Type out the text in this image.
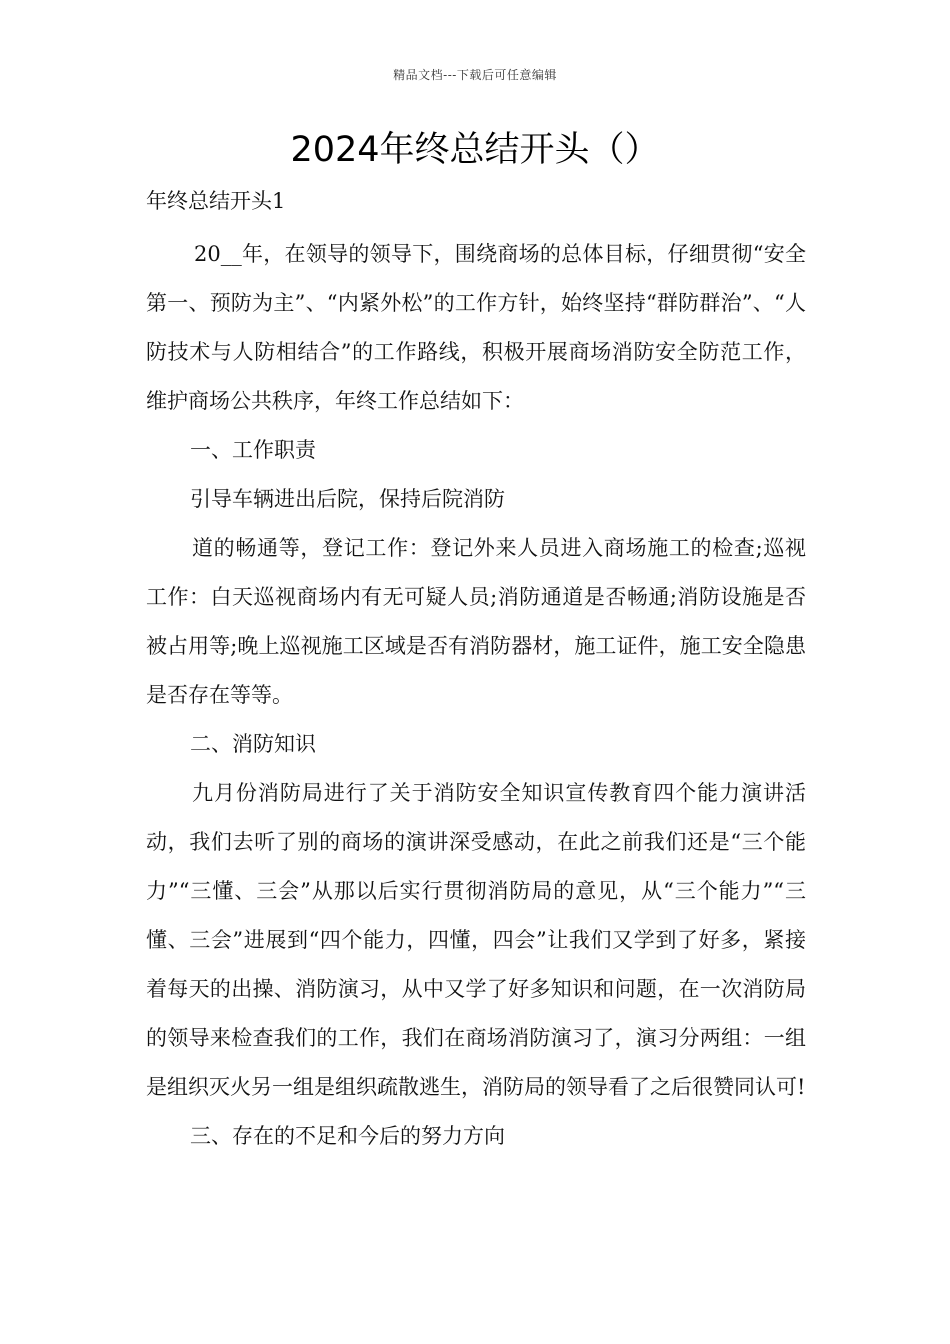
精品文档---下载后可任意编辑
2024年终总结开头（）

年终总结开头1

20__年，在领导的领导下，围绕商场的总体目标，仔细贯彻“安全第一、预防为主”、“内紧外松”的工作方针，始终坚持“群防群治”、“人防技术与人防相结合”的工作路线，积极开展商场消防安全防范工作，维护商场公共秩序，年终工作总结如下：

一、工作职责

引导车辆进出后院，保持后院消防

道的畅通等，登记工作：登记外来人员进入商场施工的检查;巡视工作：白天巡视商场内有无可疑人员;消防通道是否畅通;消防设施是否被占用等;晚上巡视施工区域是否有消防器材，施工证件，施工安全隐患是否存在等等。

二、消防知识

九月份消防局进行了关于消防安全知识宣传教育四个能力演讲活动，我们去听了别的商场的演讲深受感动，在此之前我们还是“三个能力”“三懂、三会”从那以后实行贯彻消防局的意见，从“三个能力”“三懂、三会”进展到“四个能力，四懂，四会”让我们又学到了好多，紧接着每天的出操、消防演习，从中又学了好多知识和问题，在一次消防局的领导来检查我们的工作，我们在商场消防演习了，演习分两组：一组是组织灭火另一组是组织疏散逃生，消防局的领导看了之后很赞同认可!

三、存在的不足和今后的努力方向
